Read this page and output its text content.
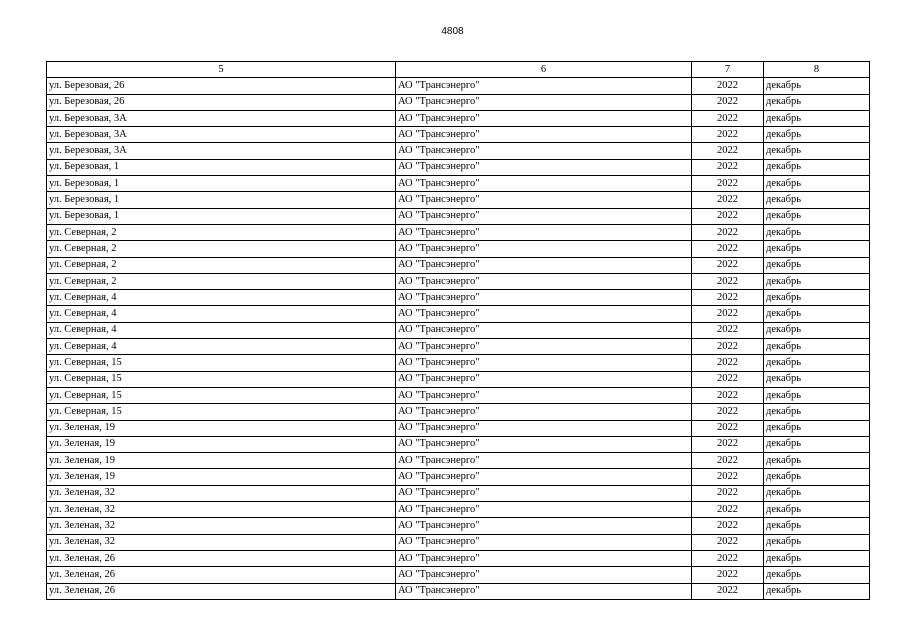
4808
5	6	7	8
ул. Березовая, 26	АО "Трансэнерго"	2022	декабрь
ул. Березовая, 26	АО "Трансэнерго"	2022	декабрь
ул. Березовая, 3А	АО "Трансэнерго"	2022	декабрь
ул. Березовая, 3А	АО "Трансэнерго"	2022	декабрь
ул. Березовая, 3А	АО "Трансэнерго"	2022	декабрь
ул. Березовая, 1	АО "Трансэнерго"	2022	декабрь
ул. Березовая, 1	АО "Трансэнерго"	2022	декабрь
ул. Березовая, 1	АО "Трансэнерго"	2022	декабрь
ул. Березовая, 1	АО "Трансэнерго"	2022	декабрь
ул. Северная, 2	АО "Трансэнерго"	2022	декабрь
ул. Северная, 2	АО "Трансэнерго"	2022	декабрь
ул. Северная, 2	АО "Трансэнерго"	2022	декабрь
ул. Северная, 2	АО "Трансэнерго"	2022	декабрь
ул. Северная, 4	АО "Трансэнерго"	2022	декабрь
ул. Северная, 4	АО "Трансэнерго"	2022	декабрь
ул. Северная, 4	АО "Трансэнерго"	2022	декабрь
ул. Северная, 4	АО "Трансэнерго"	2022	декабрь
ул. Северная, 15	АО "Трансэнерго"	2022	декабрь
ул. Северная, 15	АО "Трансэнерго"	2022	декабрь
ул. Северная, 15	АО "Трансэнерго"	2022	декабрь
ул. Северная, 15	АО "Трансэнерго"	2022	декабрь
ул. Зеленая, 19	АО "Трансэнерго"	2022	декабрь
ул. Зеленая, 19	АО "Трансэнерго"	2022	декабрь
ул. Зеленая, 19	АО "Трансэнерго"	2022	декабрь
ул. Зеленая, 19	АО "Трансэнерго"	2022	декабрь
ул. Зеленая, 32	АО "Трансэнерго"	2022	декабрь
ул. Зеленая, 32	АО "Трансэнерго"	2022	декабрь
ул. Зеленая, 32	АО "Трансэнерго"	2022	декабрь
ул. Зеленая, 32	АО "Трансэнерго"	2022	декабрь
ул. Зеленая, 26	АО "Трансэнерго"	2022	декабрь
ул. Зеленая, 26	АО "Трансэнерго"	2022	декабрь
ул. Зеленая, 26	АО "Трансэнерго"	2022	декабрь
